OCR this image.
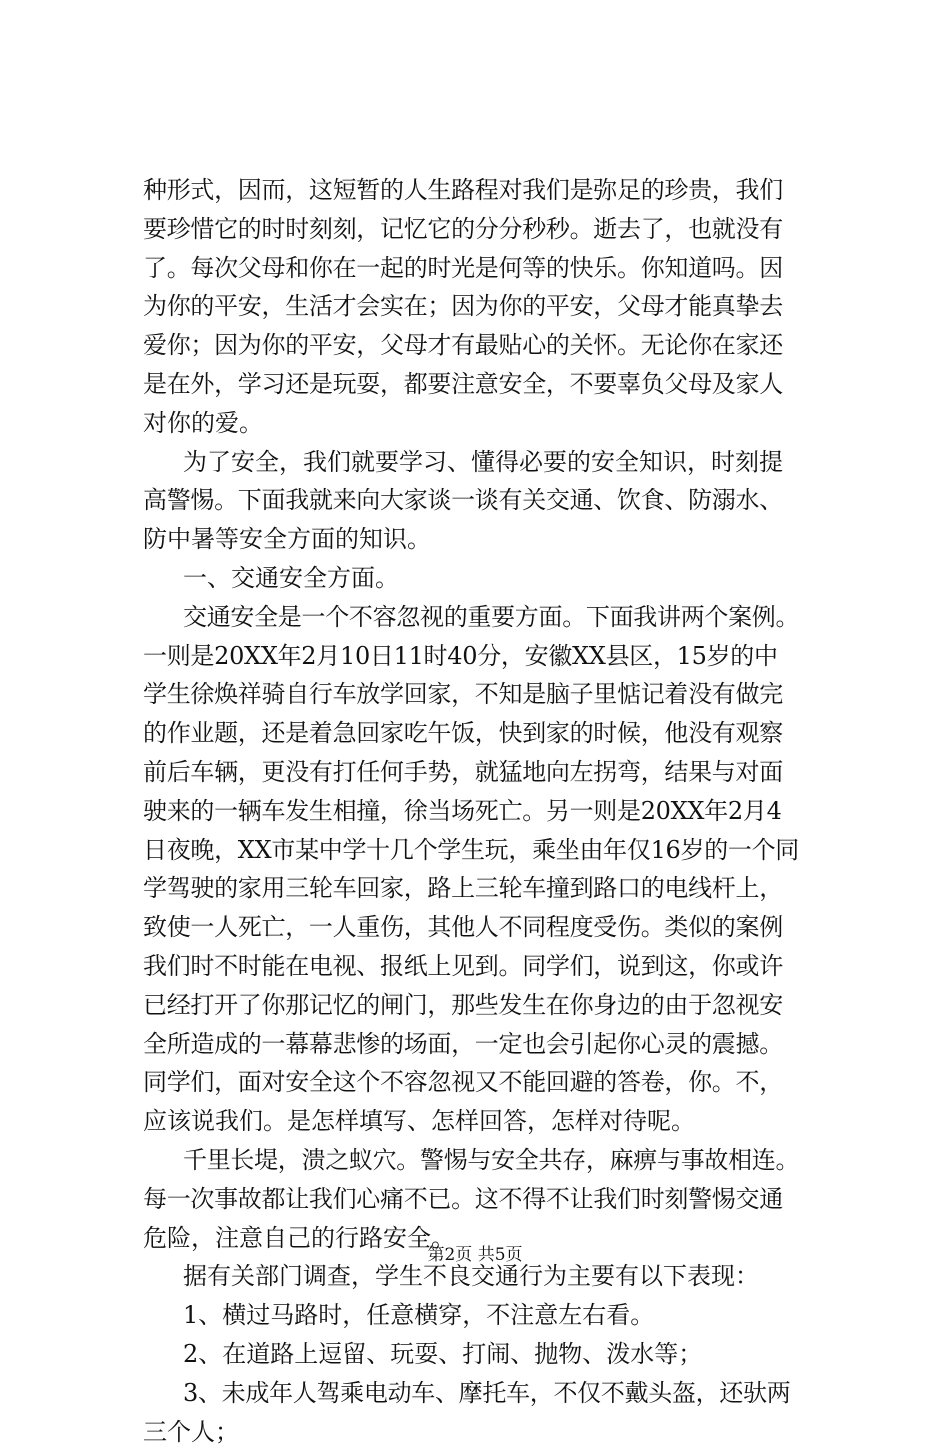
种形式，因而，这短暂的人生路程对我们是弥足的珍贵，我们
要珍惜它的时时刻刻，记忆它的分分秒秒。逝去了，也就没有
了。每次父母和你在一起的时光是何等的快乐。你知道吗。因
为你的平安，生活才会实在；因为你的平安，父母才能真挚去
爱你；因为你的平安，父母才有最贴心的关怀。无论你在家还
是在外，学习还是玩耍，都要注意安全，不要辜负父母及家人
对你的爱。
为了安全，我们就要学习、懂得必要的安全知识，时刻提
高警惕。下面我就来向大家谈一谈有关交通、饮食、防溺水、
防中暑等安全方面的知识。
一、交通安全方面。
交通安全是一个不容忽视的重要方面。下面我讲两个案例。
一则是20XX年2月10日11时40分，安徽XX县区，15岁的中
学生徐焕祥骑自行车放学回家，不知是脑子里惦记着没有做完
的作业题，还是着急回家吃午饭，快到家的时候，他没有观察
前后车辆，更没有打任何手势，就猛地向左拐弯，结果与对面
驶来的一辆车发生相撞，徐当场死亡。另一则是20XX年2月4
日夜晚，XX市某中学十几个学生玩，乘坐由年仅16岁的一个同
学驾驶的家用三轮车回家，路上三轮车撞到路口的电线杆上，
致使一人死亡，一人重伤，其他人不同程度受伤。类似的案例
我们时不时能在电视、报纸上见到。同学们，说到这，你或许
已经打开了你那记忆的闸门，那些发生在你身边的由于忽视安
全所造成的一幕幕悲惨的场面，一定也会引起你心灵的震撼。
同学们，面对安全这个不容忽视又不能回避的答卷，你。不，
应该说我们。是怎样填写、怎样回答，怎样对待呢。
千里长堤，溃之蚁穴。警惕与安全共存，麻痹与事故相连。
每一次事故都让我们心痛不已。这不得不让我们时刻警惕交通
危险，注意自己的行路安全。
据有关部门调查，学生不良交通行为主要有以下表现：
1、横过马路时，任意横穿，不注意左右看。
2、在道路上逗留、玩耍、打闹、抛物、泼水等；
3、未成年人驾乘电动车、摩托车，不仅不戴头盔，还驮两
三个人；
第2页 共5页
